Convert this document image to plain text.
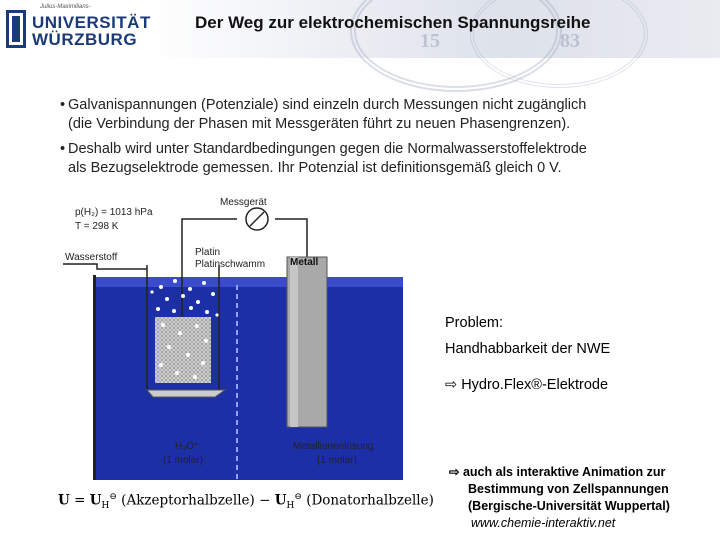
15	83
Julius-Maximilians-
UNIVERSITÄT
WÜRZBURG
Der Weg zur elektrochemischen Spannungsreihe
• Galvanispannungen (Potenziale) sind einzeln durch Messungen nicht zugänglich
(die Verbindung der Phasen mit Messgeräten führt zu neuen Phasengrenzen).
• Deshalb wird unter Standardbedingungen gegen die Normalwasserstoffelektrode
als Bezugselektrode gemessen. Ihr Potenzial ist definitionsgemäß gleich 0 V.
p(H₂) = 1013 hPa
T = 298 K
Messgerät
Wasserstoff	Platin
Platinschwamm Metall
H₃O⁺
(1 molar)
Metallionenlösung
(1 molar)
Problem:
Handhabbarkeit der NWE
⇨ Hydro.Flex®-Elektrode
⇨ auch als interaktive Animation zur
Bestimmung von Zellspannungen
(Bergische-Universität Wuppertal)
www.chemie-interaktiv.net
$U = U_H^⊖$ (Akzeptorhalbzelle) − $U_H^⊖$ (Donatorhalbzelle)
